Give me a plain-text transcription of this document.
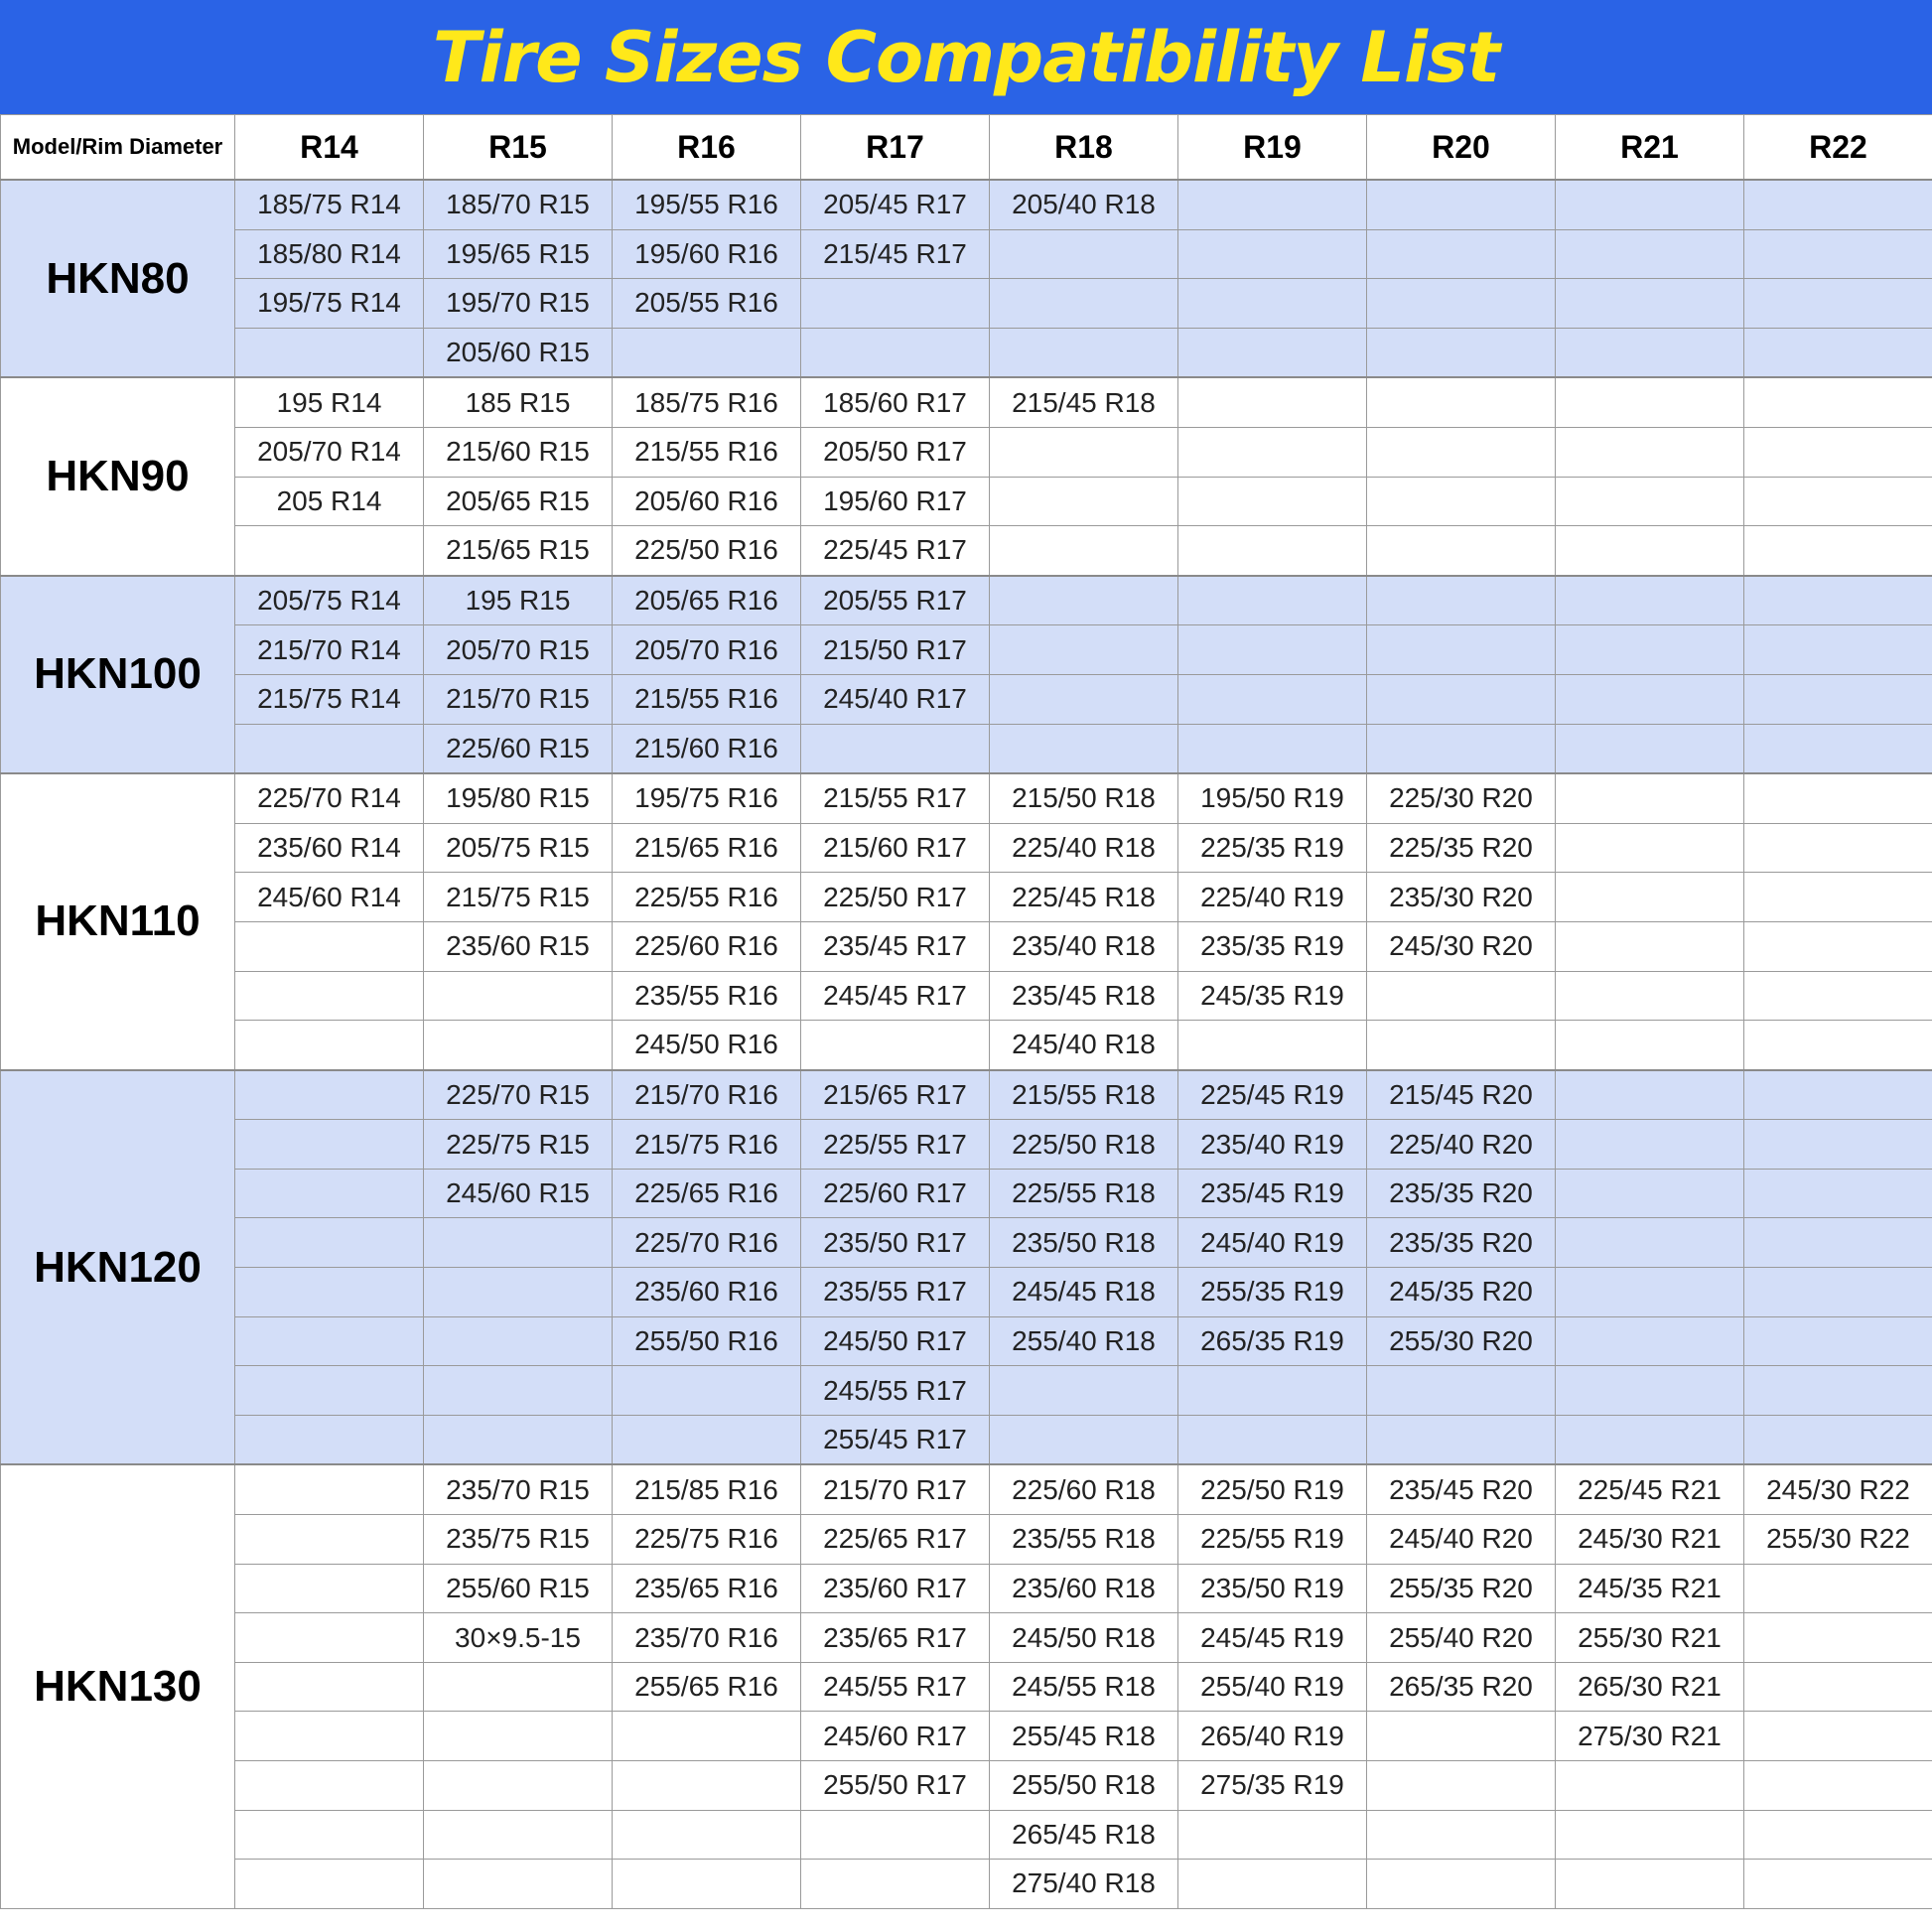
Tire Sizes Compatibility List
Model/Rim Diameter	R14	R15	R16	R17	R18	R19	R20	R21	R22
HKN80	185/75 R14	185/70 R15	195/55 R16	205/45 R17	205/40 R18				
	185/80 R14	195/65 R15	195/60 R16	215/45 R17					
	195/75 R14	195/70 R15	205/55 R16						
		205/60 R15							
HKN90	195 R14	185 R15	185/75 R16	185/60 R17	215/45 R18				
	205/70 R14	215/60 R15	215/55 R16	205/50 R17					
	205 R14	205/65 R15	205/60 R16	195/60 R17					
		215/65 R15	225/50 R16	225/45 R17					
HKN100	205/75 R14	195 R15	205/65 R16	205/55 R17					
	215/70 R14	205/70 R15	205/70 R16	215/50 R17					
	215/75 R14	215/70 R15	215/55 R16	245/40 R17					
		225/60 R15	215/60 R16						
HKN110	225/70 R14	195/80 R15	195/75 R16	215/55 R17	215/50 R18	195/50 R19	225/30 R20		
	235/60 R14	205/75 R15	215/65 R16	215/60 R17	225/40 R18	225/35 R19	225/35 R20		
	245/60 R14	215/75 R15	225/55 R16	225/50 R17	225/45 R18	225/40 R19	235/30 R20		
		235/60 R15	225/60 R16	235/45 R17	235/40 R18	235/35 R19	245/30 R20		
			235/55 R16	245/45 R17	235/45 R18	245/35 R19			
			245/50 R16		245/40 R18				
HKN120		225/70 R15	215/70 R16	215/65 R17	215/55 R18	225/45 R19	215/45 R20		
		225/75 R15	215/75 R16	225/55 R17	225/50 R18	235/40 R19	225/40 R20		
		245/60 R15	225/65 R16	225/60 R17	225/55 R18	235/45 R19	235/35 R20		
			225/70 R16	235/50 R17	235/50 R18	245/40 R19	235/35 R20		
			235/60 R16	235/55 R17	245/45 R18	255/35 R19	245/35 R20		
			255/50 R16	245/50 R17	255/40 R18	265/35 R19	255/30 R20		
				245/55 R17					
				255/45 R17					
HKN130		235/70 R15	215/85 R16	215/70 R17	225/60 R18	225/50 R19	235/45 R20	225/45 R21	245/30 R22
		235/75 R15	225/75 R16	225/65 R17	235/55 R18	225/55 R19	245/40 R20	245/30 R21	255/30 R22
		255/60 R15	235/65 R16	235/60 R17	235/60 R18	235/50 R19	255/35 R20	245/35 R21	
		30×9.5-15	235/70 R16	235/65 R17	245/50 R18	245/45 R19	255/40 R20	255/30 R21	
			255/65 R16	245/55 R17	245/55 R18	255/40 R19	265/35 R20	265/30 R21	
				245/60 R17	255/45 R18	265/40 R19		275/30 R21	
				255/50 R17	255/50 R18	275/35 R19			
					265/45 R18				
					275/40 R18				
